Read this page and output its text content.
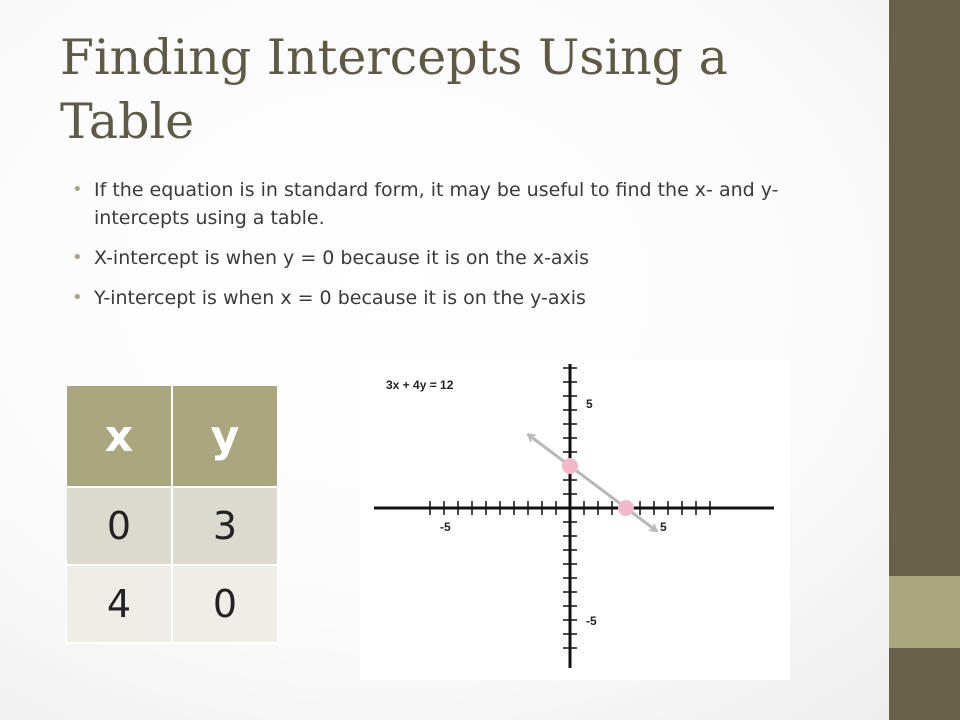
Finding Intercepts Using a Table
• If the equation is in standard form, it may be useful to find the x- and y-intercepts using a table.
• X-intercept is when y = 0 because it is on the x-axis
• Y-intercept is when x = 0 because it is on the y-axis
x	y
0	3
4	0
3x + 4y = 12
-5	5
5
-5
